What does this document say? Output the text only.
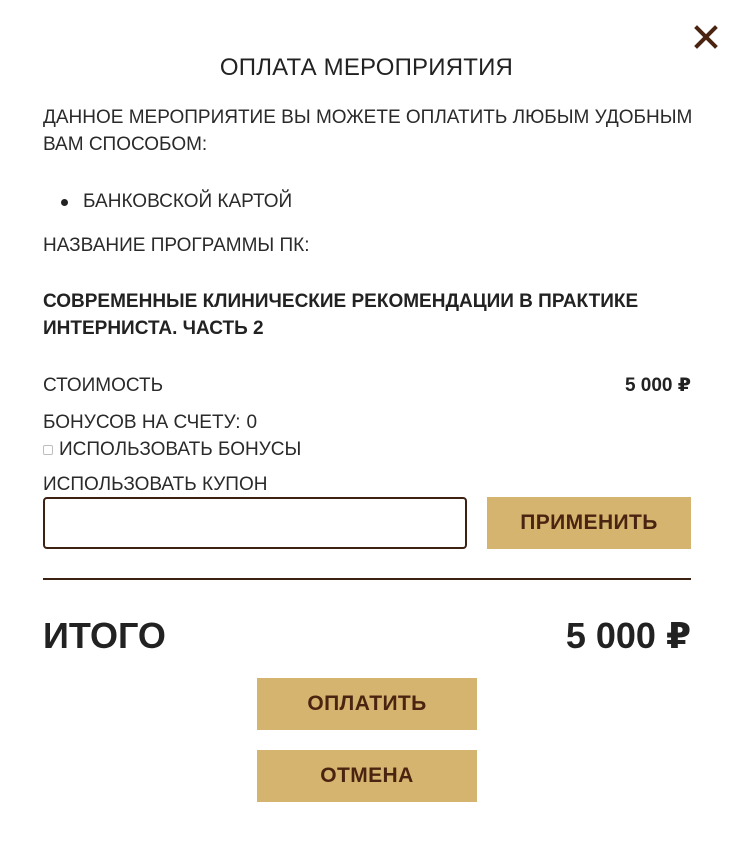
ОПЛАТА МЕРОПРИЯТИЯ
ДАННОЕ МЕРОПРИЯТИЕ ВЫ МОЖЕТЕ ОПЛАТИТЬ ЛЮБЫМ УДОБНЫМ ВАМ СПОСОБОМ:
БАНКОВСКОЙ КАРТОЙ
НАЗВАНИЕ ПРОГРАММЫ ПК:
СОВРЕМЕННЫЕ КЛИНИЧЕСКИЕ РЕКОМЕНДАЦИИ В ПРАКТИКЕ ИНТЕРНИСТА. ЧАСТЬ 2
СТОИМОСТЬ	5 000 ₽
БОНУСОВ НА СЧЕТУ: 0
ИСПОЛЬЗОВАТЬ БОНУСЫ
ИСПОЛЬЗОВАТЬ КУПОН
ПРИМЕНИТЬ
ИТОГО	5 000 ₽
ОПЛАТИТЬ
ОТМЕНА
